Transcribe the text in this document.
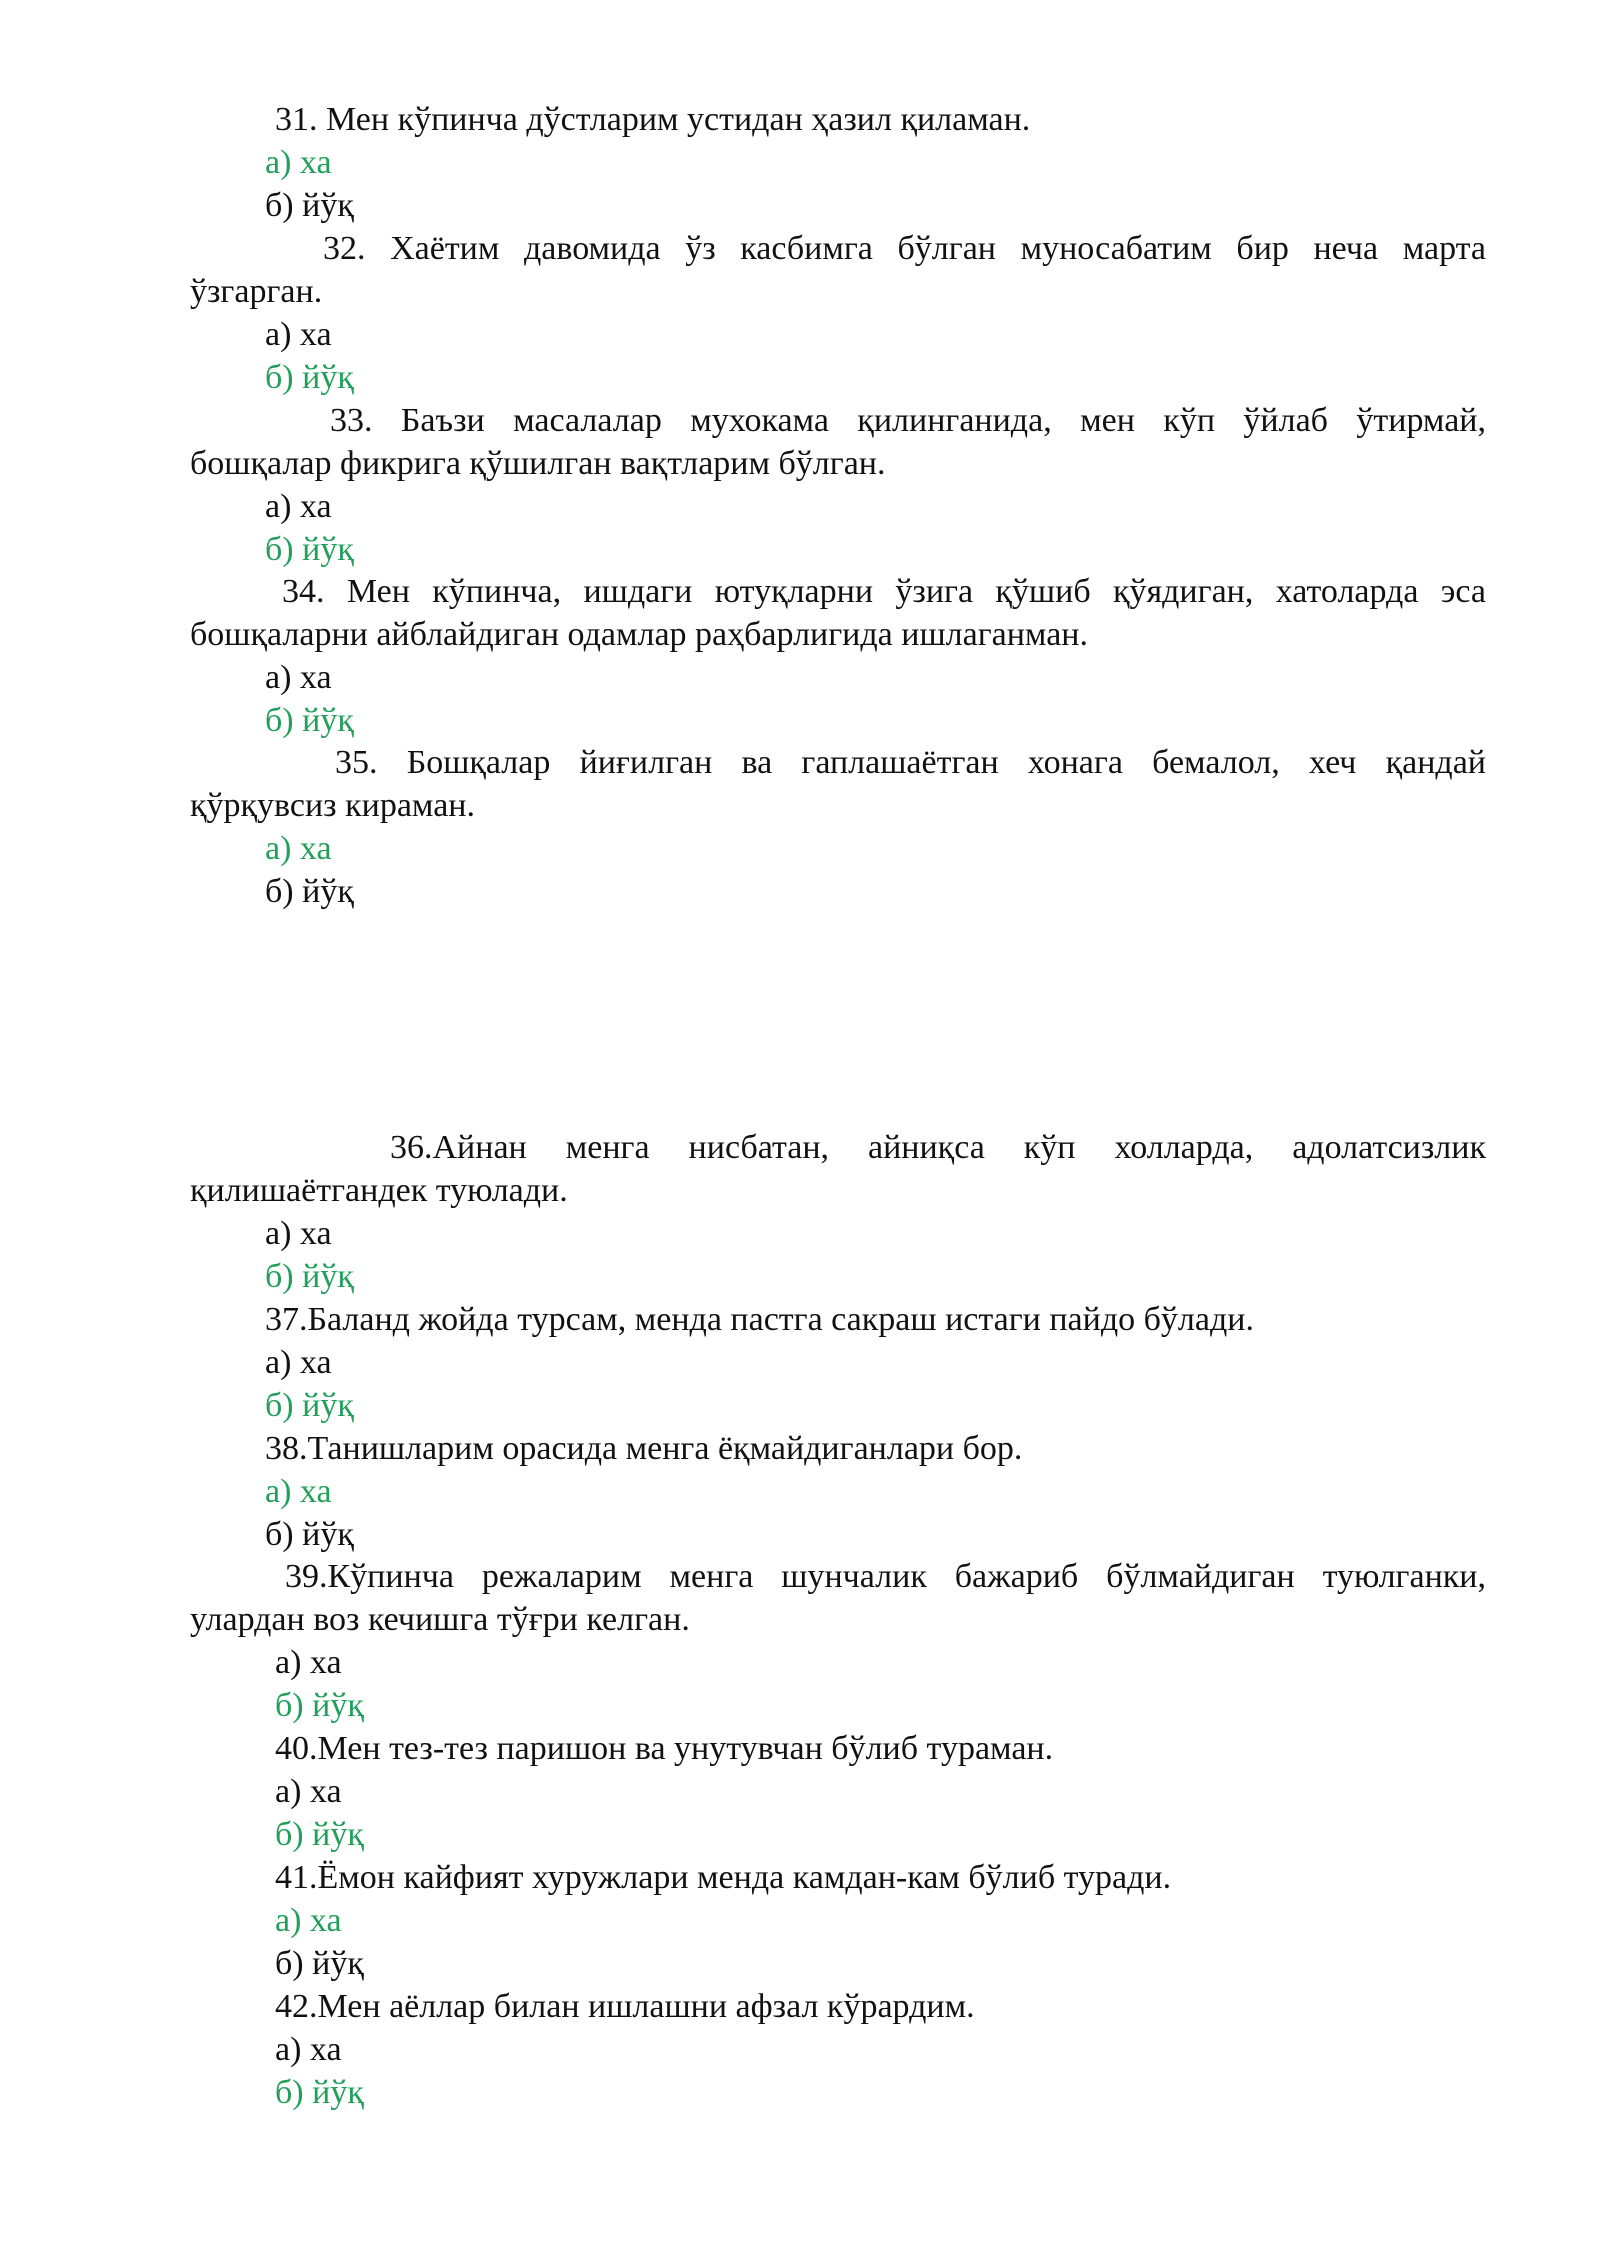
31. Мен кўпинча дўстларим устидан ҳазил қиламан.
а) ха
б) йўқ
32. Хаётим давомида ўз касбимга бўлган муносабатим бир неча марта
ўзгарган.
а) ха
б) йўқ
33. Баъзи масалалар мухокама қилинганида, мен кўп ўйлаб ўтирмай,
бошқалар фикрига қўшилган вақтларим бўлган.
а) ха
б) йўқ
34. Мен кўпинча, ишдаги ютуқларни ўзига қўшиб қўядиган, хатоларда эса
бошқаларни айблайдиган одамлар раҳбарлигида ишлаганман.
а) ха
б) йўқ
35. Бошқалар йиғилган ва гаплашаётган хонага бемалол, хеч қандай
қўрқувсиз кираман.
а) ха
б) йўқ
36.Айнан менга нисбатан, айниқса кўп холларда, адолатсизлик
қилишаётгандек туюлади.
а) ха
б) йўқ
37.Баланд жойда турсам, менда пастга сакраш истаги пайдо бўлади.
а) ха
б) йўқ
38.Танишларим орасида менга ёқмайдиганлари бор.
а) ха
б) йўқ
39.Кўпинча режаларим менга шунчалик бажариб бўлмайдиган туюлганки,
улардан воз кечишга тўғри келган.
а) ха
б) йўқ
40.Мен тез-тез паришон ва унутувчан бўлиб тураман.
а) ха
б) йўқ
41.Ёмон кайфият хуружлари менда камдан-кам бўлиб туради.
а) ха
б) йўқ
42.Мен аёллар билан ишлашни афзал кўрардим.
а) ха
б) йўқ
